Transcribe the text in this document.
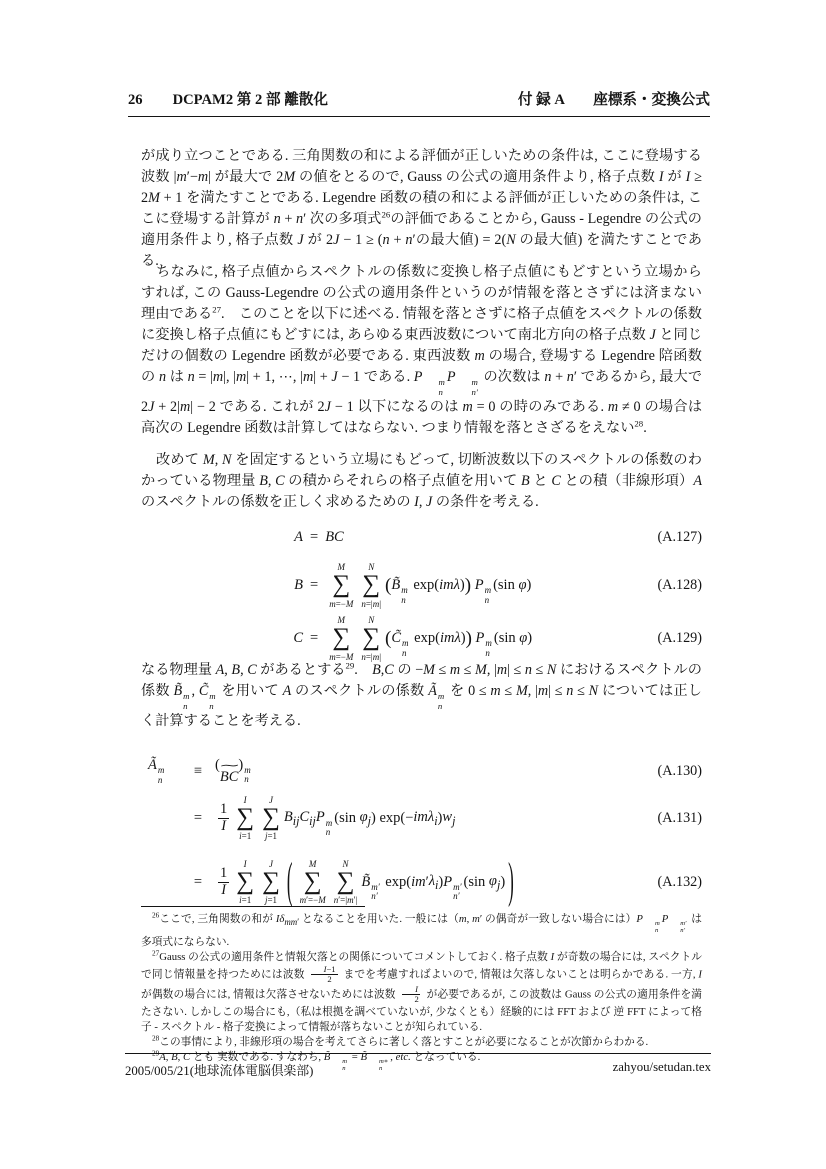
26 DCPAM2 第 2 部 離散化	付 録 A　　座標系・変換公式

が成り立つことである. 三角関数の和による評価が正しいための条件は, ここに登場する波数 |m′−m| が最大で 2M の値をとるので, Gauss の公式の適用条件より, 格子点数 I が I ≥ 2M + 1 を満たすことである. Legendre 函数の積の和による評価が正しいための条件は, ここに登場する計算が n + n′ 次の多項式$^{26}$の評価であることから, Gauss - Legendre の公式の適用条件より, 格子点数 J が 2J − 1 ≥ (n + n′の最大値) = 2(N の最大値) を満たすことである.

ちなみに, 格子点値からスペクトルの係数に変換し格子点値にもどすという立場からすれば, この Gauss-Legendre の公式の適用条件というのが情報を落とさずには済まない理由である$^{27}$.　このことを以下に述べる. 情報を落とさずに格子点値をスペクトルの係数に変換し格子点値にもどすには, あらゆる東西波数について南北方向の格子点数 J と同じだけの個数の Legendre 函数が必要である. 東西波数 m の場合, 登場する Legendre 陪函数の n は n = |m|, |m| + 1, ⋯, |m| + J − 1 である. P	m
n
P	m
n′
の次数は n + n′ であるから, 最大で 2J + 2|m| − 2 である. これが 2J − 1 以下になるのは m = 0 の時のみである. m ≠ 0 の場合は高次の Legendre 函数は計算してはならない. つまり情報を落とさざるをえない$^{28}$.

改めて M, N を固定するという立場にもどって, 切断波数以下のスペクトルの係数のわかっている物理量 B, C の積からそれらの格子点値を用いて B と C との積（非線形項）A のスペクトルの係数を正しく求めるための I, J の条件を考える.

A = BC	(A.127)
B =
M
∑
m=−M
N
∑
n=|m|
(B̃ m
n
exp(imλ)) P m
n
(sin φ)	(A.128)
C =
M
∑
m=−M
N
∑
n=|m|
(C̃ m
n
exp(imλ)) P m
n
(sin φ)	(A.129)

なる物理量 A, B, C があるとする$^{29}$.　B,C の −M ≤ m ≤ M, |m| ≤ n ≤ N におけるスペクトルの係数 B̃ m
n
, C̃ m
n
を用いて A のスペクトルの係数 Ã m
n
を 0 ≤ m ≤ M, |m| ≤ n ≤ N については正しく計算することを考える.

Ã m
n
≡ (
∼
BC
) m
n
(A.130)
= $\frac{1}{I}$
I
∑
i=1
J
∑
j=1
$B_{ij}C_{ij}P$ m
n
(sin $\varphi_j$) $\exp(-im\lambda_i)w_j$	(A.131)
= $\frac{1}{I}$
I
∑
i=1
J
∑
j=1 ( M
∑
m′=−M
N
∑
n′=|m′|
B̃ m′
n′
$\exp(im'\lambda_i)P$ m′
n′
(sin $\varphi_j$) )	(A.132)

$^{26}$ここで, 三角関数の和が $I\delta_{mm'}$ となることを用いた. 一般には（m, m′ の偶奇が一致しない場合には）P	m
n
P	m′
n′
は多項式にならない.

$^{27}$Gauss の公式の適用条件と情報欠落との関係についてコメントしておく. 格子点数 I が奇数の場合には, スペクトルで同じ情報量を持つためには波数 $\frac{I-1}{2}$ までを考慮すればよいので, 情報は欠落しないことは明らかである. 一方, I が偶数の場合には, 情報は欠落させないためには波数 $\frac{I}{2}$ が必要であるが, この波数は Gauss の公式の適用条件を満たさない. しかしこの場合にも,（私は根拠を調べていないが, 少なくとも）経験的には FFT および 逆 FFT によって格子 - スペクトル - 格子変換によって情報が落ちないことが知られている.

$^{28}$この事情により, 非線形項の場合を考えてさらに著しく落とすことが必要になることが次節からわかる.

$^{29}$A, B, C とも 実数である. すなわち, B̃	m
n
= B̃	m∗
n
, etc. となっている.

2005/005/21(地球流体電脳倶楽部)	zahyou/setudan.tex
